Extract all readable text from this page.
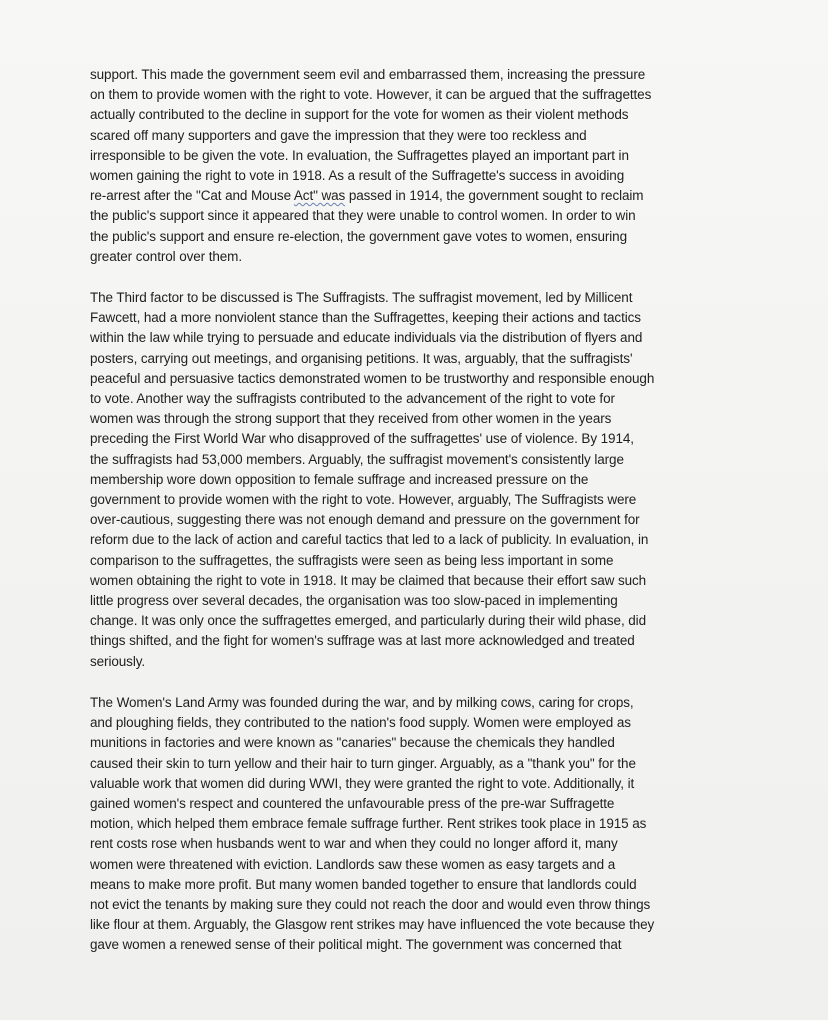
support. This made the government seem evil and embarrassed them, increasing the pressure
on them to provide women with the right to vote. However, it can be argued that the suffragettes
actually contributed to the decline in support for the vote for women as their violent methods
scared off many supporters and gave the impression that they were too reckless and
irresponsible to be given the vote. In evaluation, the Suffragettes played an important part in
women gaining the right to vote in 1918. As a result of the Suffragette's success in avoiding
re-arrest after the "Cat and Mouse Act" was passed in 1914, the government sought to reclaim
the public's support since it appeared that they were unable to control women. In order to win
the public's support and ensure re-election, the government gave votes to women, ensuring
greater control over them.

The Third factor to be discussed is The Suffragists. The suffragist movement, led by Millicent
Fawcett, had a more nonviolent stance than the Suffragettes, keeping their actions and tactics
within the law while trying to persuade and educate individuals via the distribution of flyers and
posters, carrying out meetings, and organising petitions. It was, arguably, that the suffragists'
peaceful and persuasive tactics demonstrated women to be trustworthy and responsible enough
to vote. Another way the suffragists contributed to the advancement of the right to vote for
women was through the strong support that they received from other women in the years
preceding the First World War who disapproved of the suffragettes' use of violence. By 1914,
the suffragists had 53,000 members. Arguably, the suffragist movement's consistently large
membership wore down opposition to female suffrage and increased pressure on the
government to provide women with the right to vote. However, arguably, The Suffragists were
over-cautious, suggesting there was not enough demand and pressure on the government for
reform due to the lack of action and careful tactics that led to a lack of publicity. In evaluation, in
comparison to the suffragettes, the suffragists were seen as being less important in some
women obtaining the right to vote in 1918. It may be claimed that because their effort saw such
little progress over several decades, the organisation was too slow-paced in implementing
change. It was only once the suffragettes emerged, and particularly during their wild phase, did
things shifted, and the fight for women's suffrage was at last more acknowledged and treated
seriously.

The Women's Land Army was founded during the war, and by milking cows, caring for crops,
and ploughing fields, they contributed to the nation's food supply. Women were employed as
munitions in factories and were known as "canaries" because the chemicals they handled
caused their skin to turn yellow and their hair to turn ginger. Arguably, as a "thank you" for the
valuable work that women did during WWI, they were granted the right to vote. Additionally, it
gained women's respect and countered the unfavourable press of the pre-war Suffragette
motion, which helped them embrace female suffrage further. Rent strikes took place in 1915 as
rent costs rose when husbands went to war and when they could no longer afford it, many
women were threatened with eviction. Landlords saw these women as easy targets and a
means to make more profit. But many women banded together to ensure that landlords could
not evict the tenants by making sure they could not reach the door and would even throw things
like flour at them. Arguably, the Glasgow rent strikes may have influenced the vote because they
gave women a renewed sense of their political might. The government was concerned that
